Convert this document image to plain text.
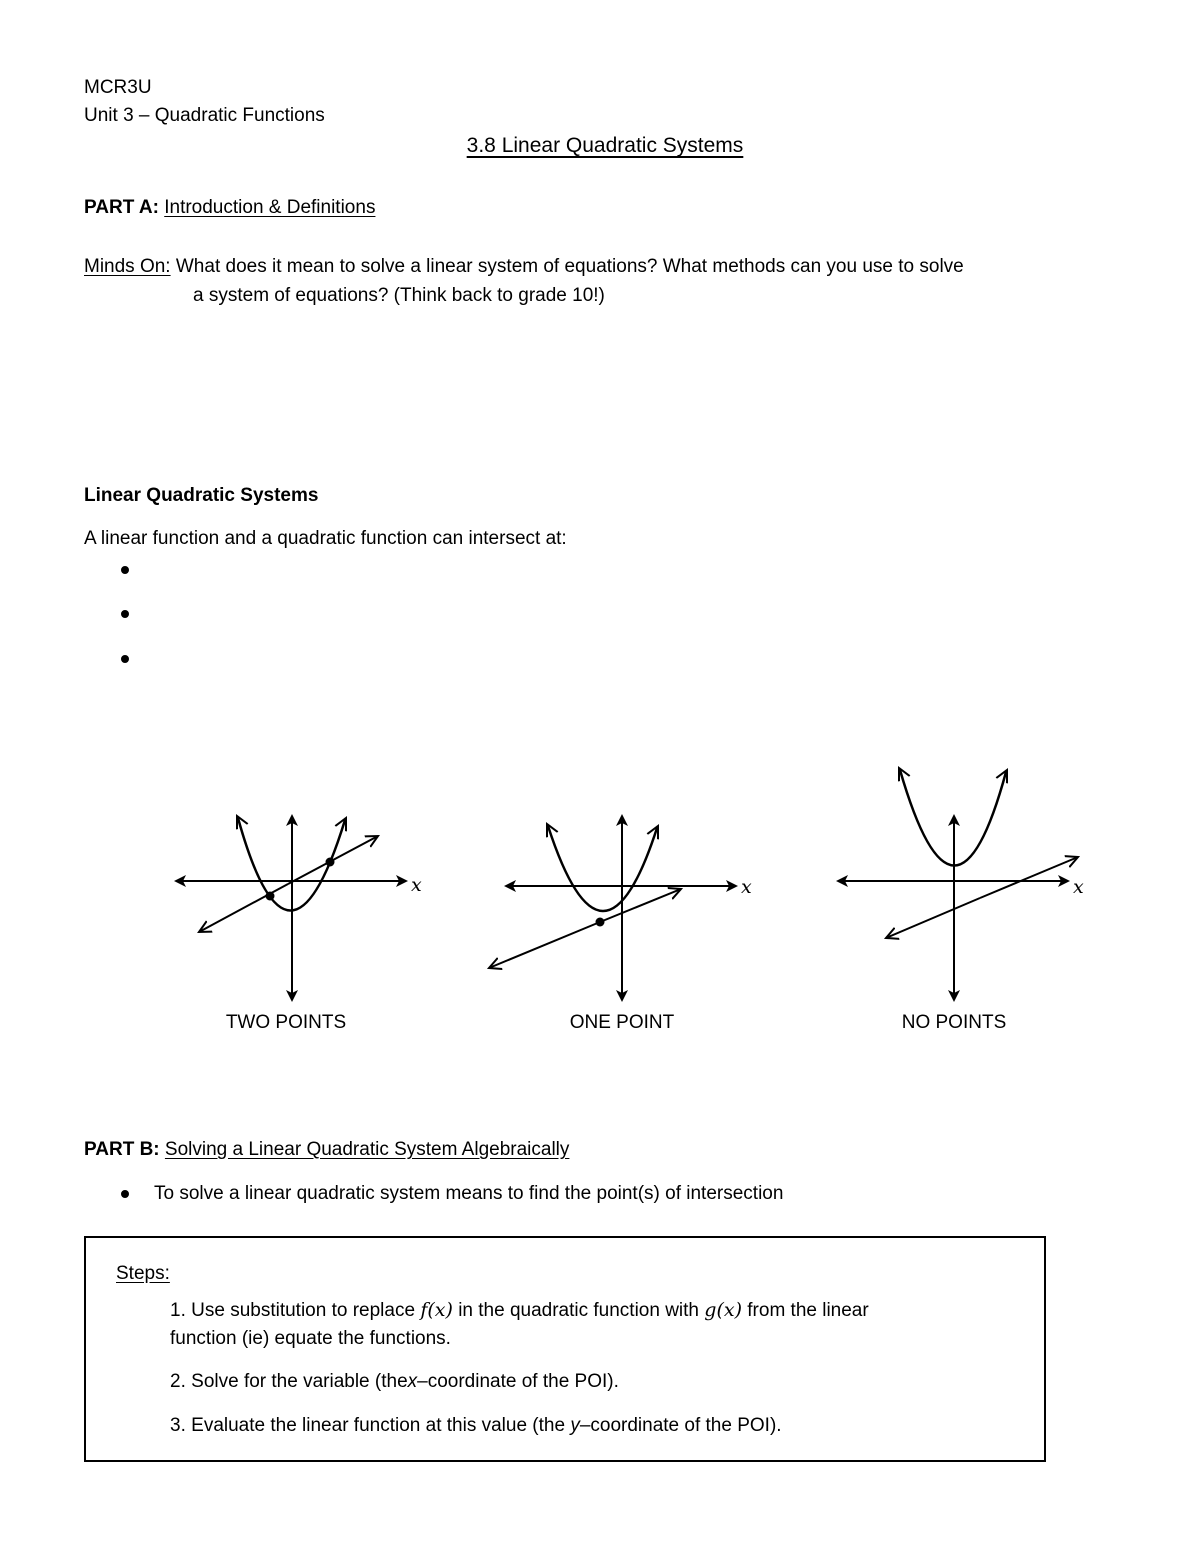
MCR3U
Unit 3 – Quadratic Functions
3.8 Linear Quadratic Systems
PART A: Introduction & Definitions
Minds On: What does it mean to solve a linear system of equations? What methods can you use to solve
a system of equations? (Think back to grade 10!)
Linear Quadratic Systems
A linear function and a quadratic function can intersect at:
x	x	x
TWO POINTS	ONE POINT	NO POINTS
PART B: Solving a Linear Quadratic System Algebraically
To solve a linear quadratic system means to find the point(s) of intersection
Steps:
1. Use substitution to replace f(x) in the quadratic function with g(x) from the linear
function (ie) equate the functions.
2. Solve for the variable (thex–coordinate of the POI).
3. Evaluate the linear function at this value (the y–coordinate of the POI).
